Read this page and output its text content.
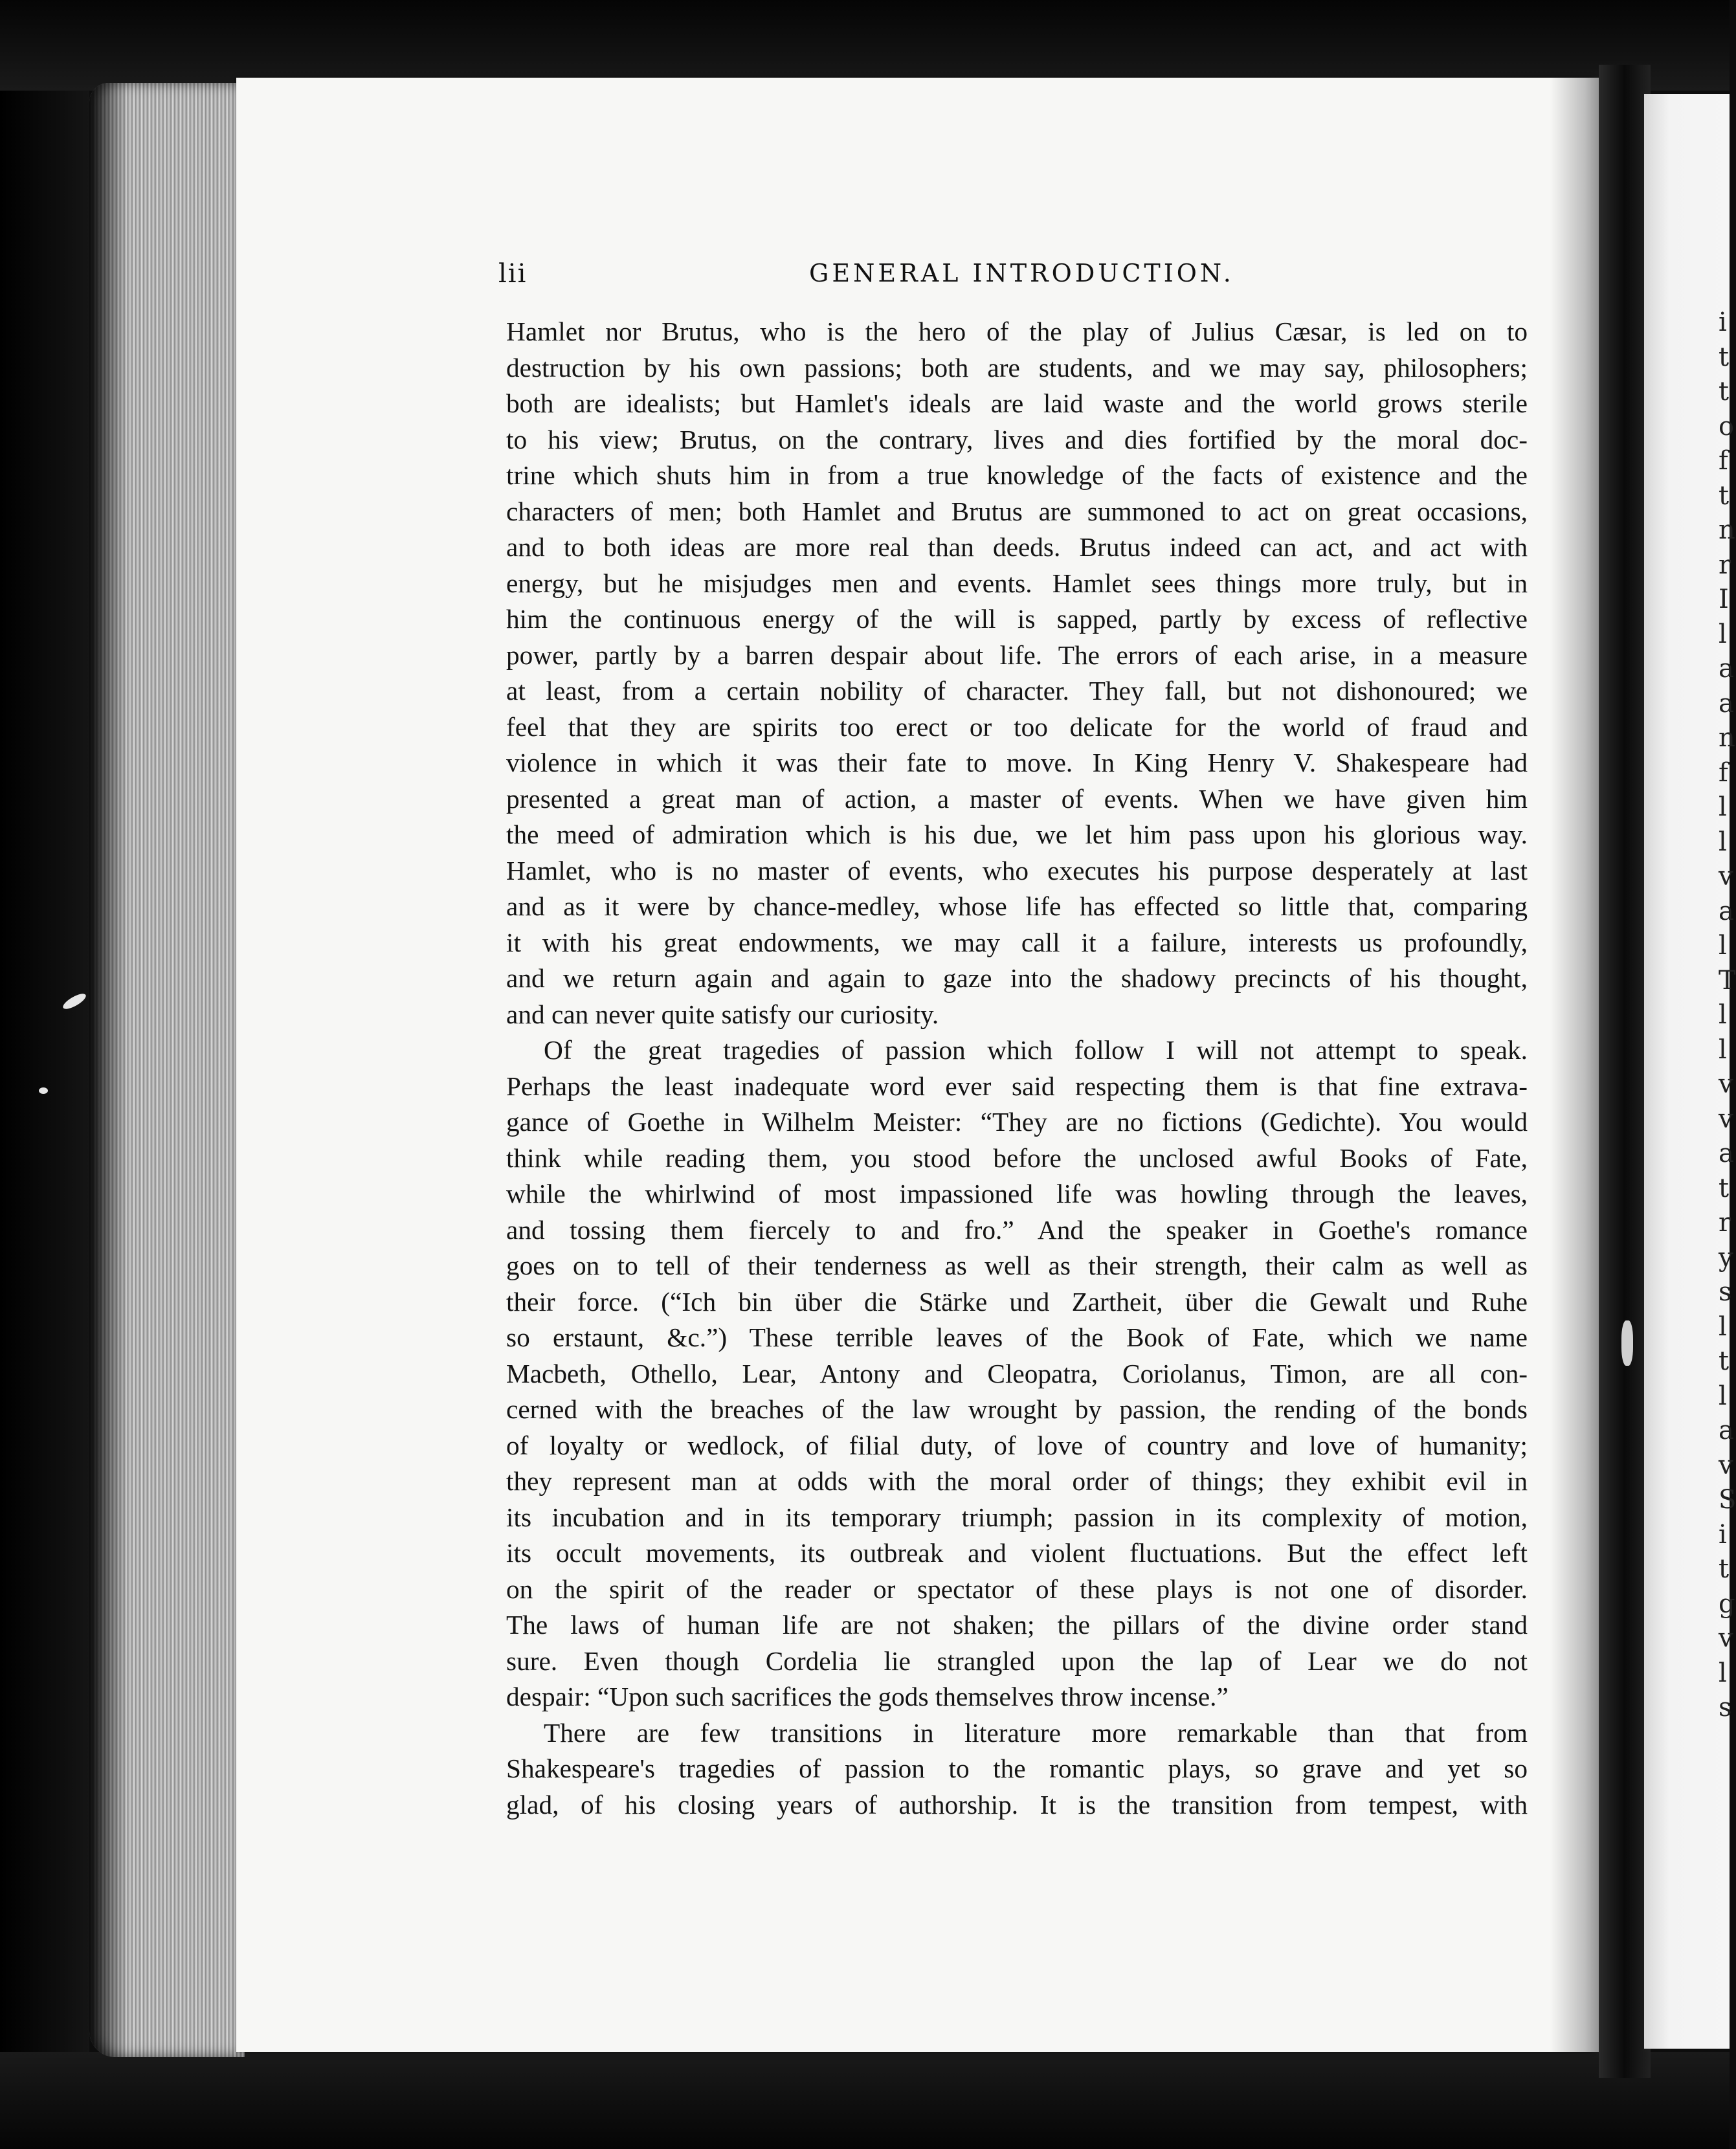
i
t
t
o
f
t
n
r
I
l
a
a
n
f
l
l
v
a
l
T
l
l
v
v
a
t
r
y
s
l
t
l
a
v
S
i
t
g
v
l
s
lii	GENERAL INTRODUCTION.
Hamlet nor Brutus, who is the hero of the play of Julius Cæsar, is led on to
destruction by his own passions; both are students, and we may say, philosophers;
both are idealists; but Hamlet's ideals are laid waste and the world grows sterile
to his view; Brutus, on the contrary, lives and dies fortified by the moral doc-
trine which shuts him in from a true knowledge of the facts of existence and the
characters of men; both Hamlet and Brutus are summoned to act on great occasions,
and to both ideas are more real than deeds. Brutus indeed can act, and act with
energy, but he misjudges men and events. Hamlet sees things more truly, but in
him the continuous energy of the will is sapped, partly by excess of reflective
power, partly by a barren despair about life. The errors of each arise, in a measure
at least, from a certain nobility of character. They fall, but not dishonoured; we
feel that they are spirits too erect or too delicate for the world of fraud and
violence in which it was their fate to move. In King Henry V. Shakespeare had
presented a great man of action, a master of events. When we have given him
the meed of admiration which is his due, we let him pass upon his glorious way.
Hamlet, who is no master of events, who executes his purpose desperately at last
and as it were by chance-medley, whose life has effected so little that, comparing
it with his great endowments, we may call it a failure, interests us profoundly,
and we return again and again to gaze into the shadowy precincts of his thought,
and can never quite satisfy our curiosity.
Of the great tragedies of passion which follow I will not attempt to speak.
Perhaps the least inadequate word ever said respecting them is that fine extrava-
gance of Goethe in Wilhelm Meister: “They are no fictions (Gedichte). You would
think while reading them, you stood before the unclosed awful Books of Fate,
while the whirlwind of most impassioned life was howling through the leaves,
and tossing them fiercely to and fro.” And the speaker in Goethe's romance
goes on to tell of their tenderness as well as their strength, their calm as well as
their force. (“Ich bin über die Stärke und Zartheit, über die Gewalt und Ruhe
so erstaunt, &c.”) These terrible leaves of the Book of Fate, which we name
Macbeth, Othello, Lear, Antony and Cleopatra, Coriolanus, Timon, are all con-
cerned with the breaches of the law wrought by passion, the rending of the bonds
of loyalty or wedlock, of filial duty, of love of country and love of humanity;
they represent man at odds with the moral order of things; they exhibit evil in
its incubation and in its temporary triumph; passion in its complexity of motion,
its occult movements, its outbreak and violent fluctuations. But the effect left
on the spirit of the reader or spectator of these plays is not one of disorder.
The laws of human life are not shaken; the pillars of the divine order stand
sure. Even though Cordelia lie strangled upon the lap of Lear we do not
despair: “Upon such sacrifices the gods themselves throw incense.”
There are few transitions in literature more remarkable than that from
Shakespeare's tragedies of passion to the romantic plays, so grave and yet so
glad, of his closing years of authorship. It is the transition from tempest, with
